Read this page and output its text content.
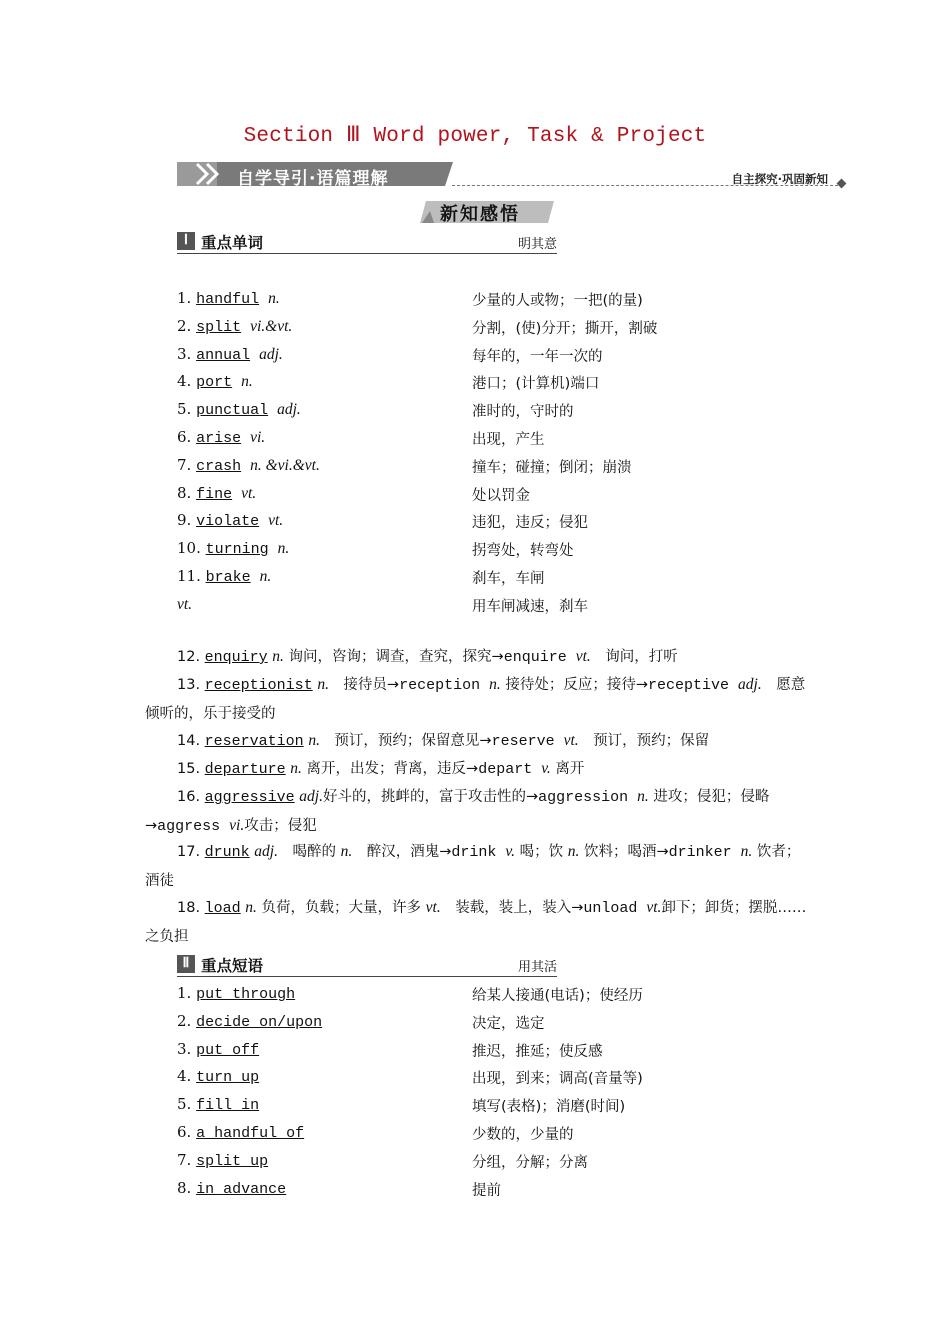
Section Ⅲ Word power, Task & Project
自学导引·语篇理解	自主探究·巩固新知
新知感悟
Ⅰ 重点单词	明其意
1. handful n.	少量的人或物；一把(的量)
2. split vi.&vt.	分割，(使)分开；撕开，割破
3. annual adj.	每年的，一年一次的
4. port n.	港口；(计算机)端口
5. punctual adj.	准时的，守时的
6. arise vi.	出现，产生
7. crash n. &vi.&vt.	撞车；碰撞；倒闭；崩溃
8. fine vt.	处以罚金
9. violate vt.	违犯，违反；侵犯
10. turning n.	拐弯处，转弯处
11. brake n.	刹车，车闸
vt.	用车闸减速，刹车
12. enquiry n. 询问，咨询；调查，查究，探究→enquire vt.　询问，打听
13. receptionist n.　接待员→reception n. 接待处；反应；接待→receptive adj.　愿意倾听的，乐于接受的
14. reservation n.　预订，预约；保留意见→reserve vt.　预订，预约；保留
15. departure n. 离开，出发；背离，违反→depart v. 离开
16. aggressive adj.好斗的，挑衅的，富于攻击性的→aggression n. 进攻；侵犯；侵略→aggress vi.攻击；侵犯
17. drunk adj.　喝醉的 n.　醉汉，酒鬼→drink v. 喝；饮 n. 饮料；喝酒→drinker n. 饮者；酒徒
18. load n. 负荷，负载；大量，许多 vt.　装载，装上，装入→unload vt.卸下；卸货；摆脱……之负担
Ⅱ 重点短语	用其活
1. put through	给某人接通(电话)；使经历
2. decide on/upon	决定，选定
3. put off	推迟，推延；使反感
4. turn up	出现，到来；调高(音量等)
5. fill in	填写(表格)；消磨(时间)
6. a handful of	少数的，少量的
7. split up	分组，分解；分离
8. in advance	提前
